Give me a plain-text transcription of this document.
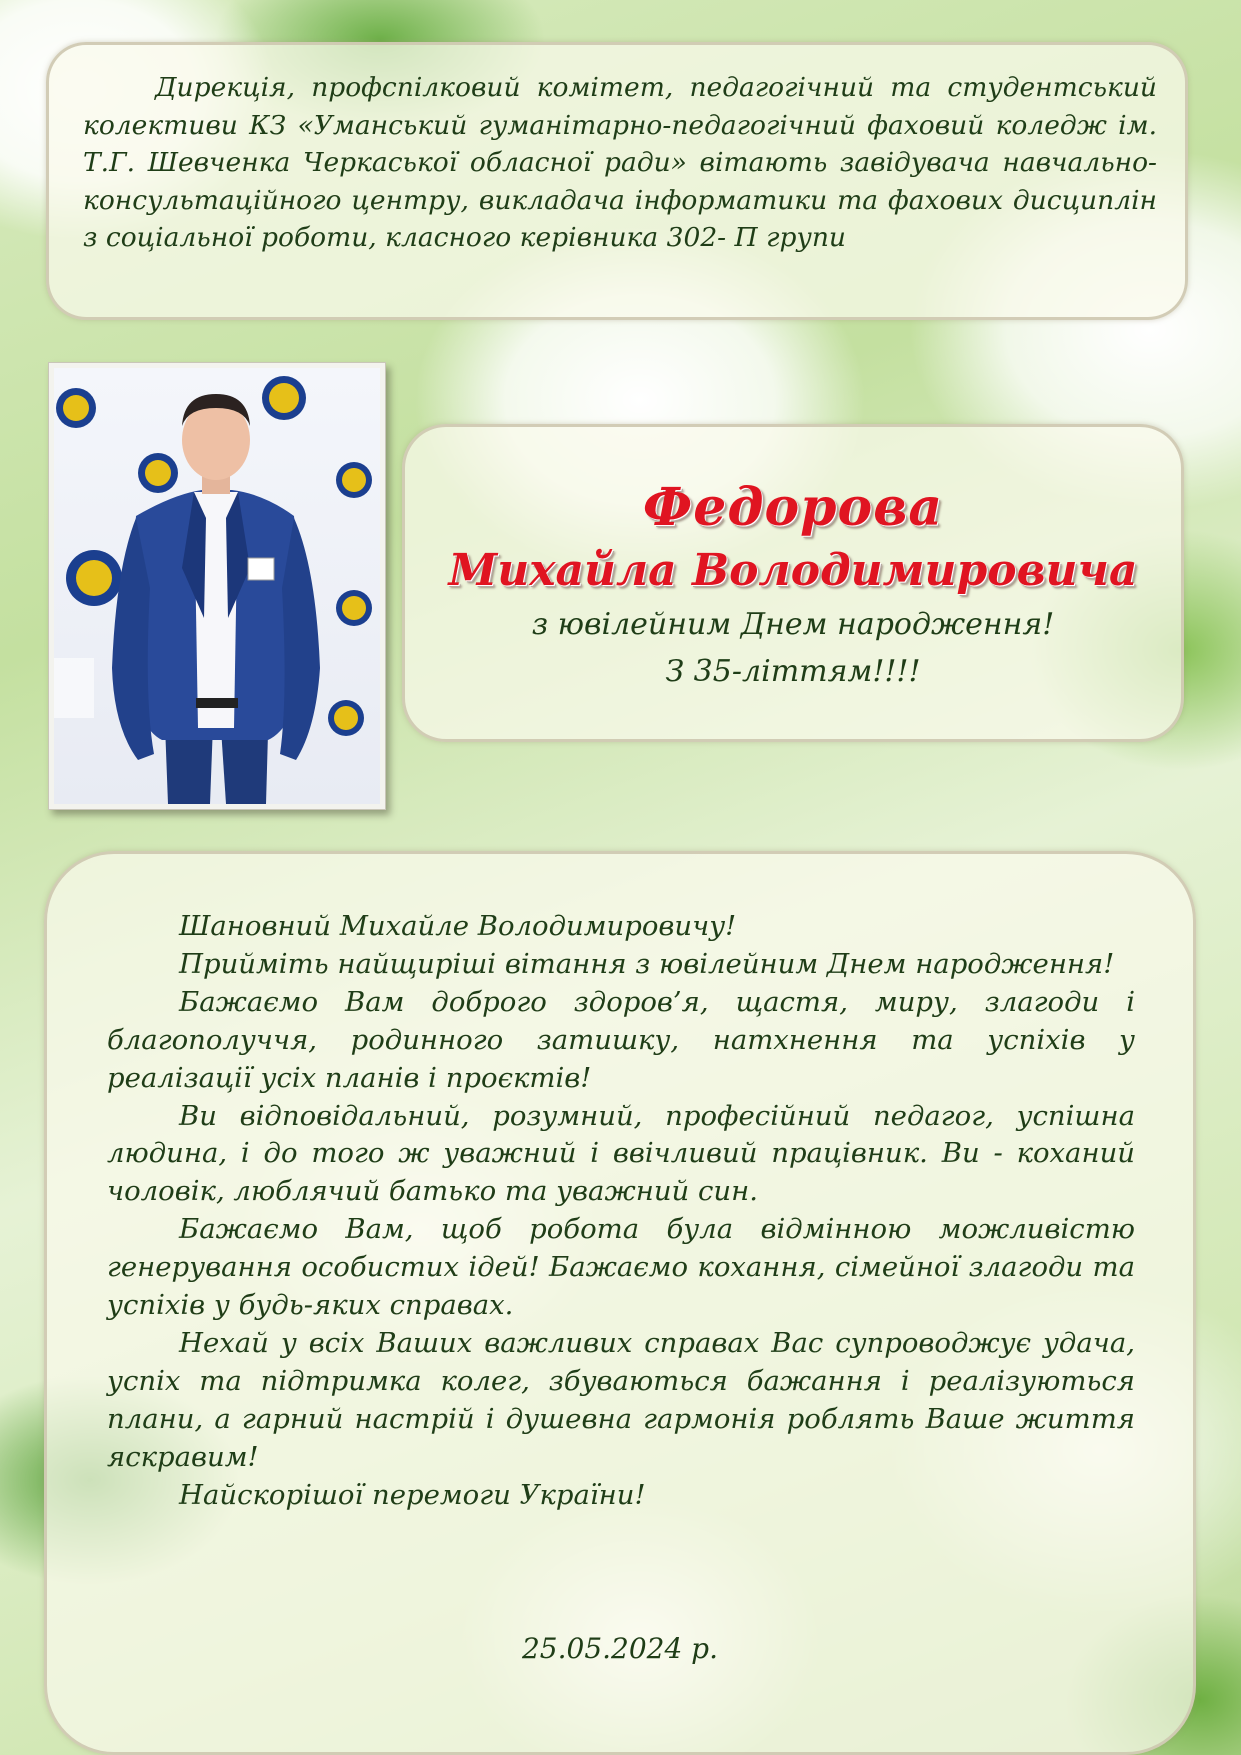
Дирекція, профспілковий комітет, педагогічний та студентський колективи КЗ «Уманський гуманітарно-педагогічний фаховий коледж ім. Т.Г. Шевченка Черкаської обласної ради» вітають завідувача навчально-консультаційного центру, викладача інформатики та фахових дисциплін з соціальної роботи, класного керівника 302- П групи

Федорова

Михайла Володимировича

з ювілейним Днем народження!

З 35-літтям!!!!

Шановний Михайле Володимировичу!

Прийміть найщиріші вітання з ювілейним Днем народження!

Бажаємо Вам доброго здоров’я, щастя, миру, злагоди і благополуччя, родинного затишку, натхнення та успіхів у реалізації усіх планів і проєктів!

Ви відповідальний, розумний, професійний педагог, успішна людина, і до того ж уважний і ввічливий працівник. Ви - коханий чоловік, люблячий батько та уважний син.

Бажаємо Вам, щоб робота була відмінною можливістю генерування особистих ідей! Бажаємо кохання, сімейної злагоди та успіхів у будь-яких справах.

Нехай у всіх Ваших важливих справах Вас супроводжує удача, успіх та підтримка колег, збуваються бажання і реалізуються плани, а гарний настрій і душевна гармонія роблять Ваше життя яскравим!

Найскорішої перемоги України!

25.05.2024 р.
